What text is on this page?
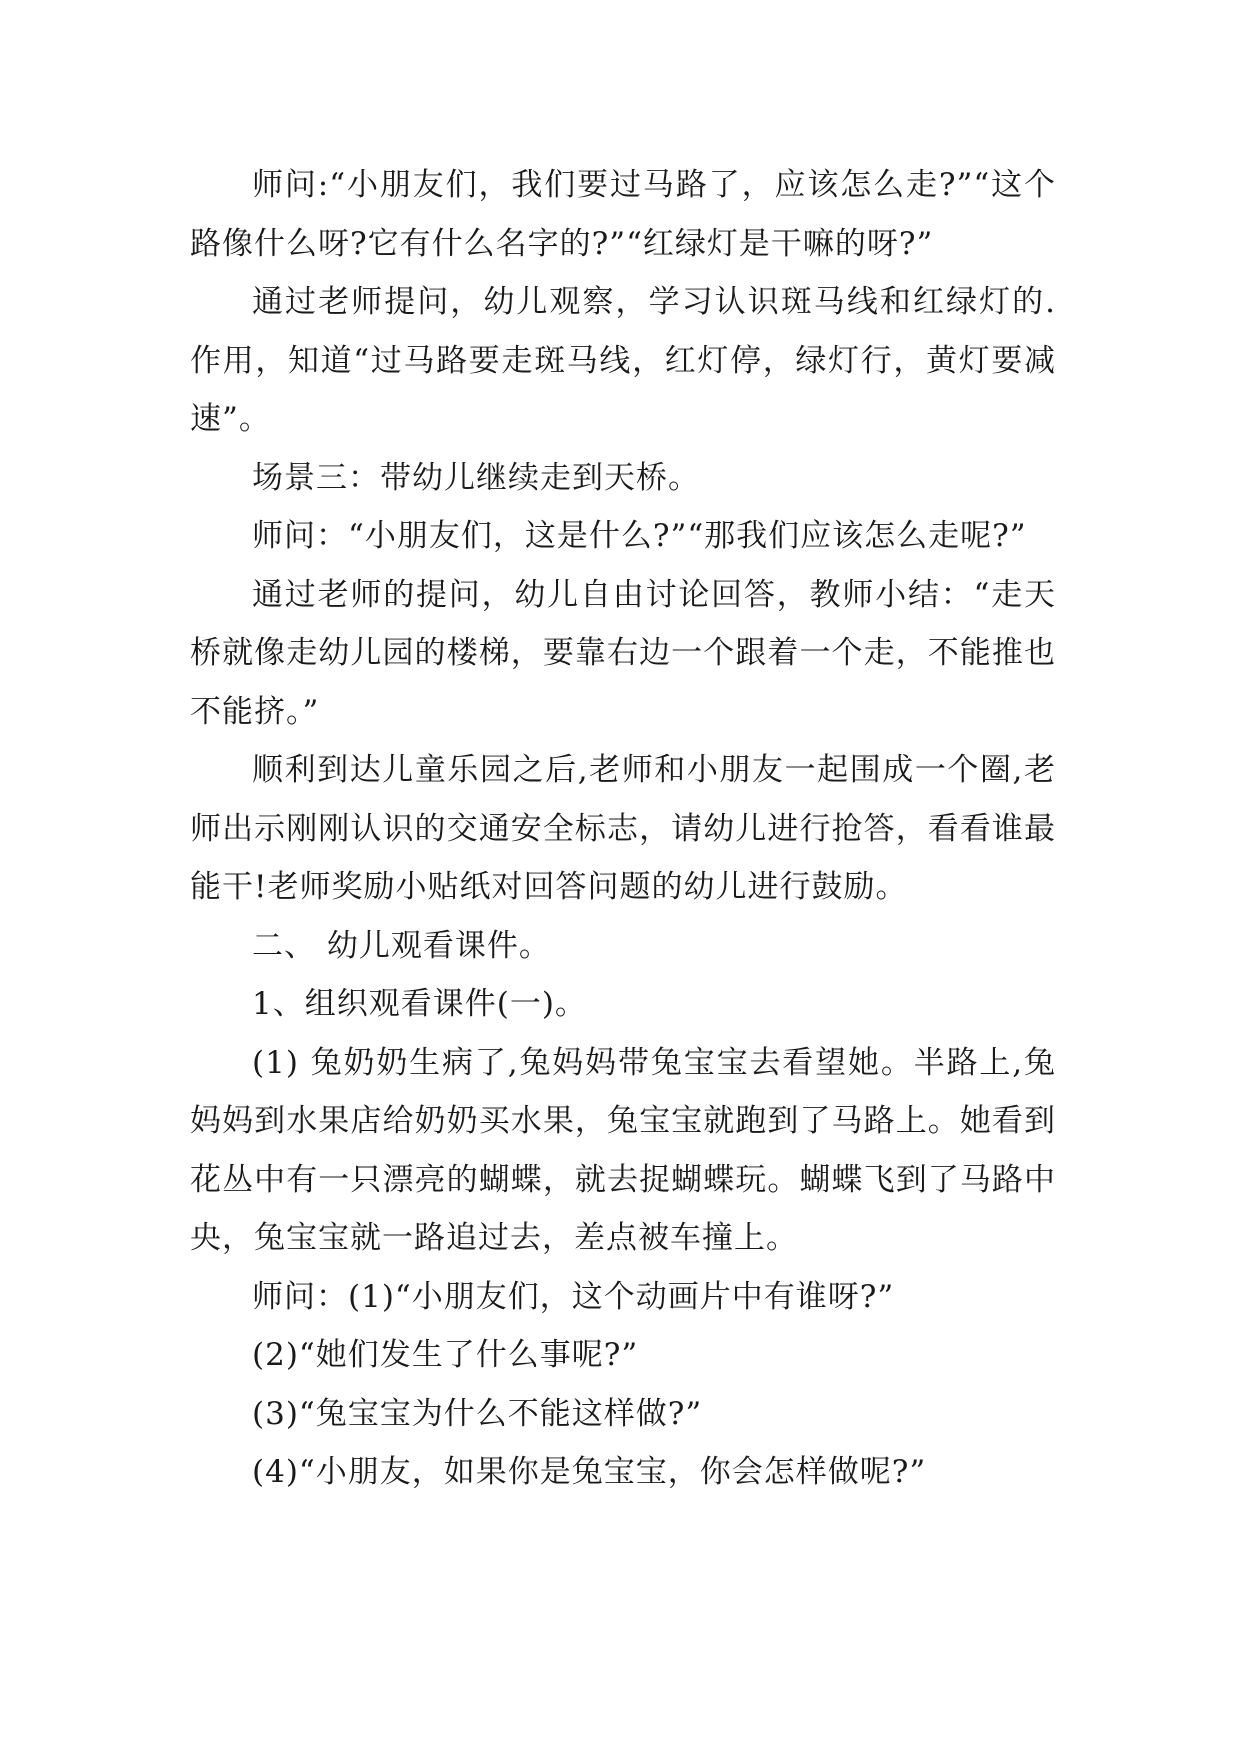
师问:“小朋友们，我们要过马路了，应该怎么走?”“这个路像什么呀?它有什么名字的?”“红绿灯是干嘛的呀?”

通过老师提问，幼儿观察，学习认识斑马线和红绿灯的.作用，知道“过马路要走斑马线，红灯停，绿灯行，黄灯要减速”。

场景三：带幼儿继续走到天桥。

师问：“小朋友们，这是什么?”“那我们应该怎么走呢?”

通过老师的提问，幼儿自由讨论回答，教师小结：“走天桥就像走幼儿园的楼梯，要靠右边一个跟着一个走，不能推也不能挤。”

顺利到达儿童乐园之后,老师和小朋友一起围成一个圈,老师出示刚刚认识的交通安全标志，请幼儿进行抢答，看看谁最能干!老师奖励小贴纸对回答问题的幼儿进行鼓励。

二、 幼儿观看课件。

1、组织观看课件(一)。

(1) 兔奶奶生病了,兔妈妈带兔宝宝去看望她。半路上,兔妈妈到水果店给奶奶买水果，兔宝宝就跑到了马路上。她看到花丛中有一只漂亮的蝴蝶，就去捉蝴蝶玩。蝴蝶飞到了马路中央，兔宝宝就一路追过去，差点被车撞上。

师问：(1)“小朋友们，这个动画片中有谁呀?”

(2)“她们发生了什么事呢?”

(3)“兔宝宝为什么不能这样做?”

(4)“小朋友，如果你是兔宝宝，你会怎样做呢?”
